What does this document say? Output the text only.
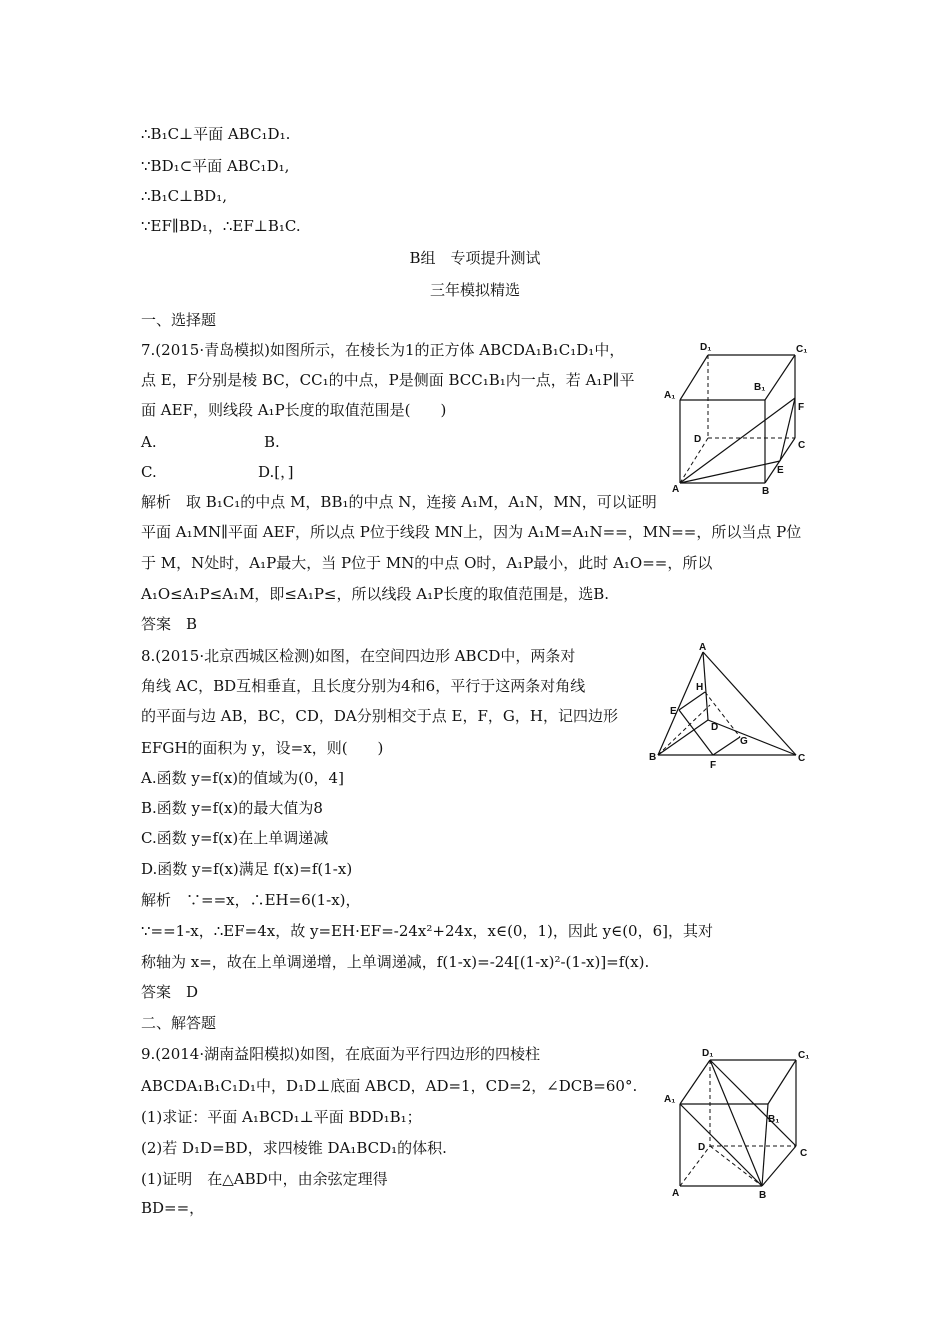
∴B₁C⊥平面 ABC₁D₁.
∵BD₁⊂平面 ABC₁D₁,
∴B₁C⊥BD₁,
∵EF∥BD₁，∴EF⊥B₁C.
B组　专项提升测试
三年模拟精选
一、选择题
7.(2015·青岛模拟)如图所示，在棱长为1的正方体 ABCDA₁B₁C₁D₁中，
点 E，F分别是棱 BC，CC₁的中点，P是侧面 BCC₁B₁内一点，若 A₁P∥平
面 AEF，则线段 A₁P长度的取值范围是(　　)
A.	B.
C.	D.[，]
解析　取 B₁C₁的中点 M，BB₁的中点 N，连接 A₁M，A₁N，MN，可以证明
平面 A₁MN∥平面 AEF，所以点 P位于线段 MN上，因为 A₁M=A₁N==，MN==，所以当点 P位
于 M，N处时，A₁P最大，当 P位于 MN的中点 O时，A₁P最小，此时 A₁O==，所以
A₁O≤A₁P≤A₁M，即≤A₁P≤，所以线段 A₁P长度的取值范围是，选B.
答案　B
8.(2015·北京西城区检测)如图，在空间四边形 ABCD中，两条对
角线 AC，BD互相垂直，且长度分别为4和6，平行于这两条对角线
的平面与边 AB，BC，CD，DA分别相交于点 E，F，G，H，记四边形
EFGH的面积为 y，设=x，则(　　)
A.函数 y=f(x)的值域为(0，4]
B.函数 y=f(x)的最大值为8
C.函数 y=f(x)在上单调递减
D.函数 y=f(x)满足 f(x)=f(1-x)
解析　∵==x，∴EH=6(1-x)，
∵==1-x，∴EF=4x，故 y=EH·EF=-24x²+24x，x∈(0，1)，因此 y∈(0，6]，其对
称轴为 x=，故在上单调递增，上单调递减，f(1-x)=-24[(1-x)²-(1-x)]=f(x).
答案　D
二、解答题
9.(2014·湖南益阳模拟)如图，在底面为平行四边形的四棱柱
ABCDA₁B₁C₁D₁中，D₁D⊥底面 ABCD，AD=1，CD=2，∠DCB=60°.
(1)求证：平面 A₁BCD₁⊥平面 BDD₁B₁；
(2)若 D₁D=BD，求四棱锥 DA₁BCD₁的体积.
(1)证明　在△ABD中，由余弦定理得
BD==，
D₁	C₁
A₁
B₁
F
D
C
E
A	B
A
H
E
D
G
B
F
C
D₁	C₁
A₁
B₁
D
C
A	B
